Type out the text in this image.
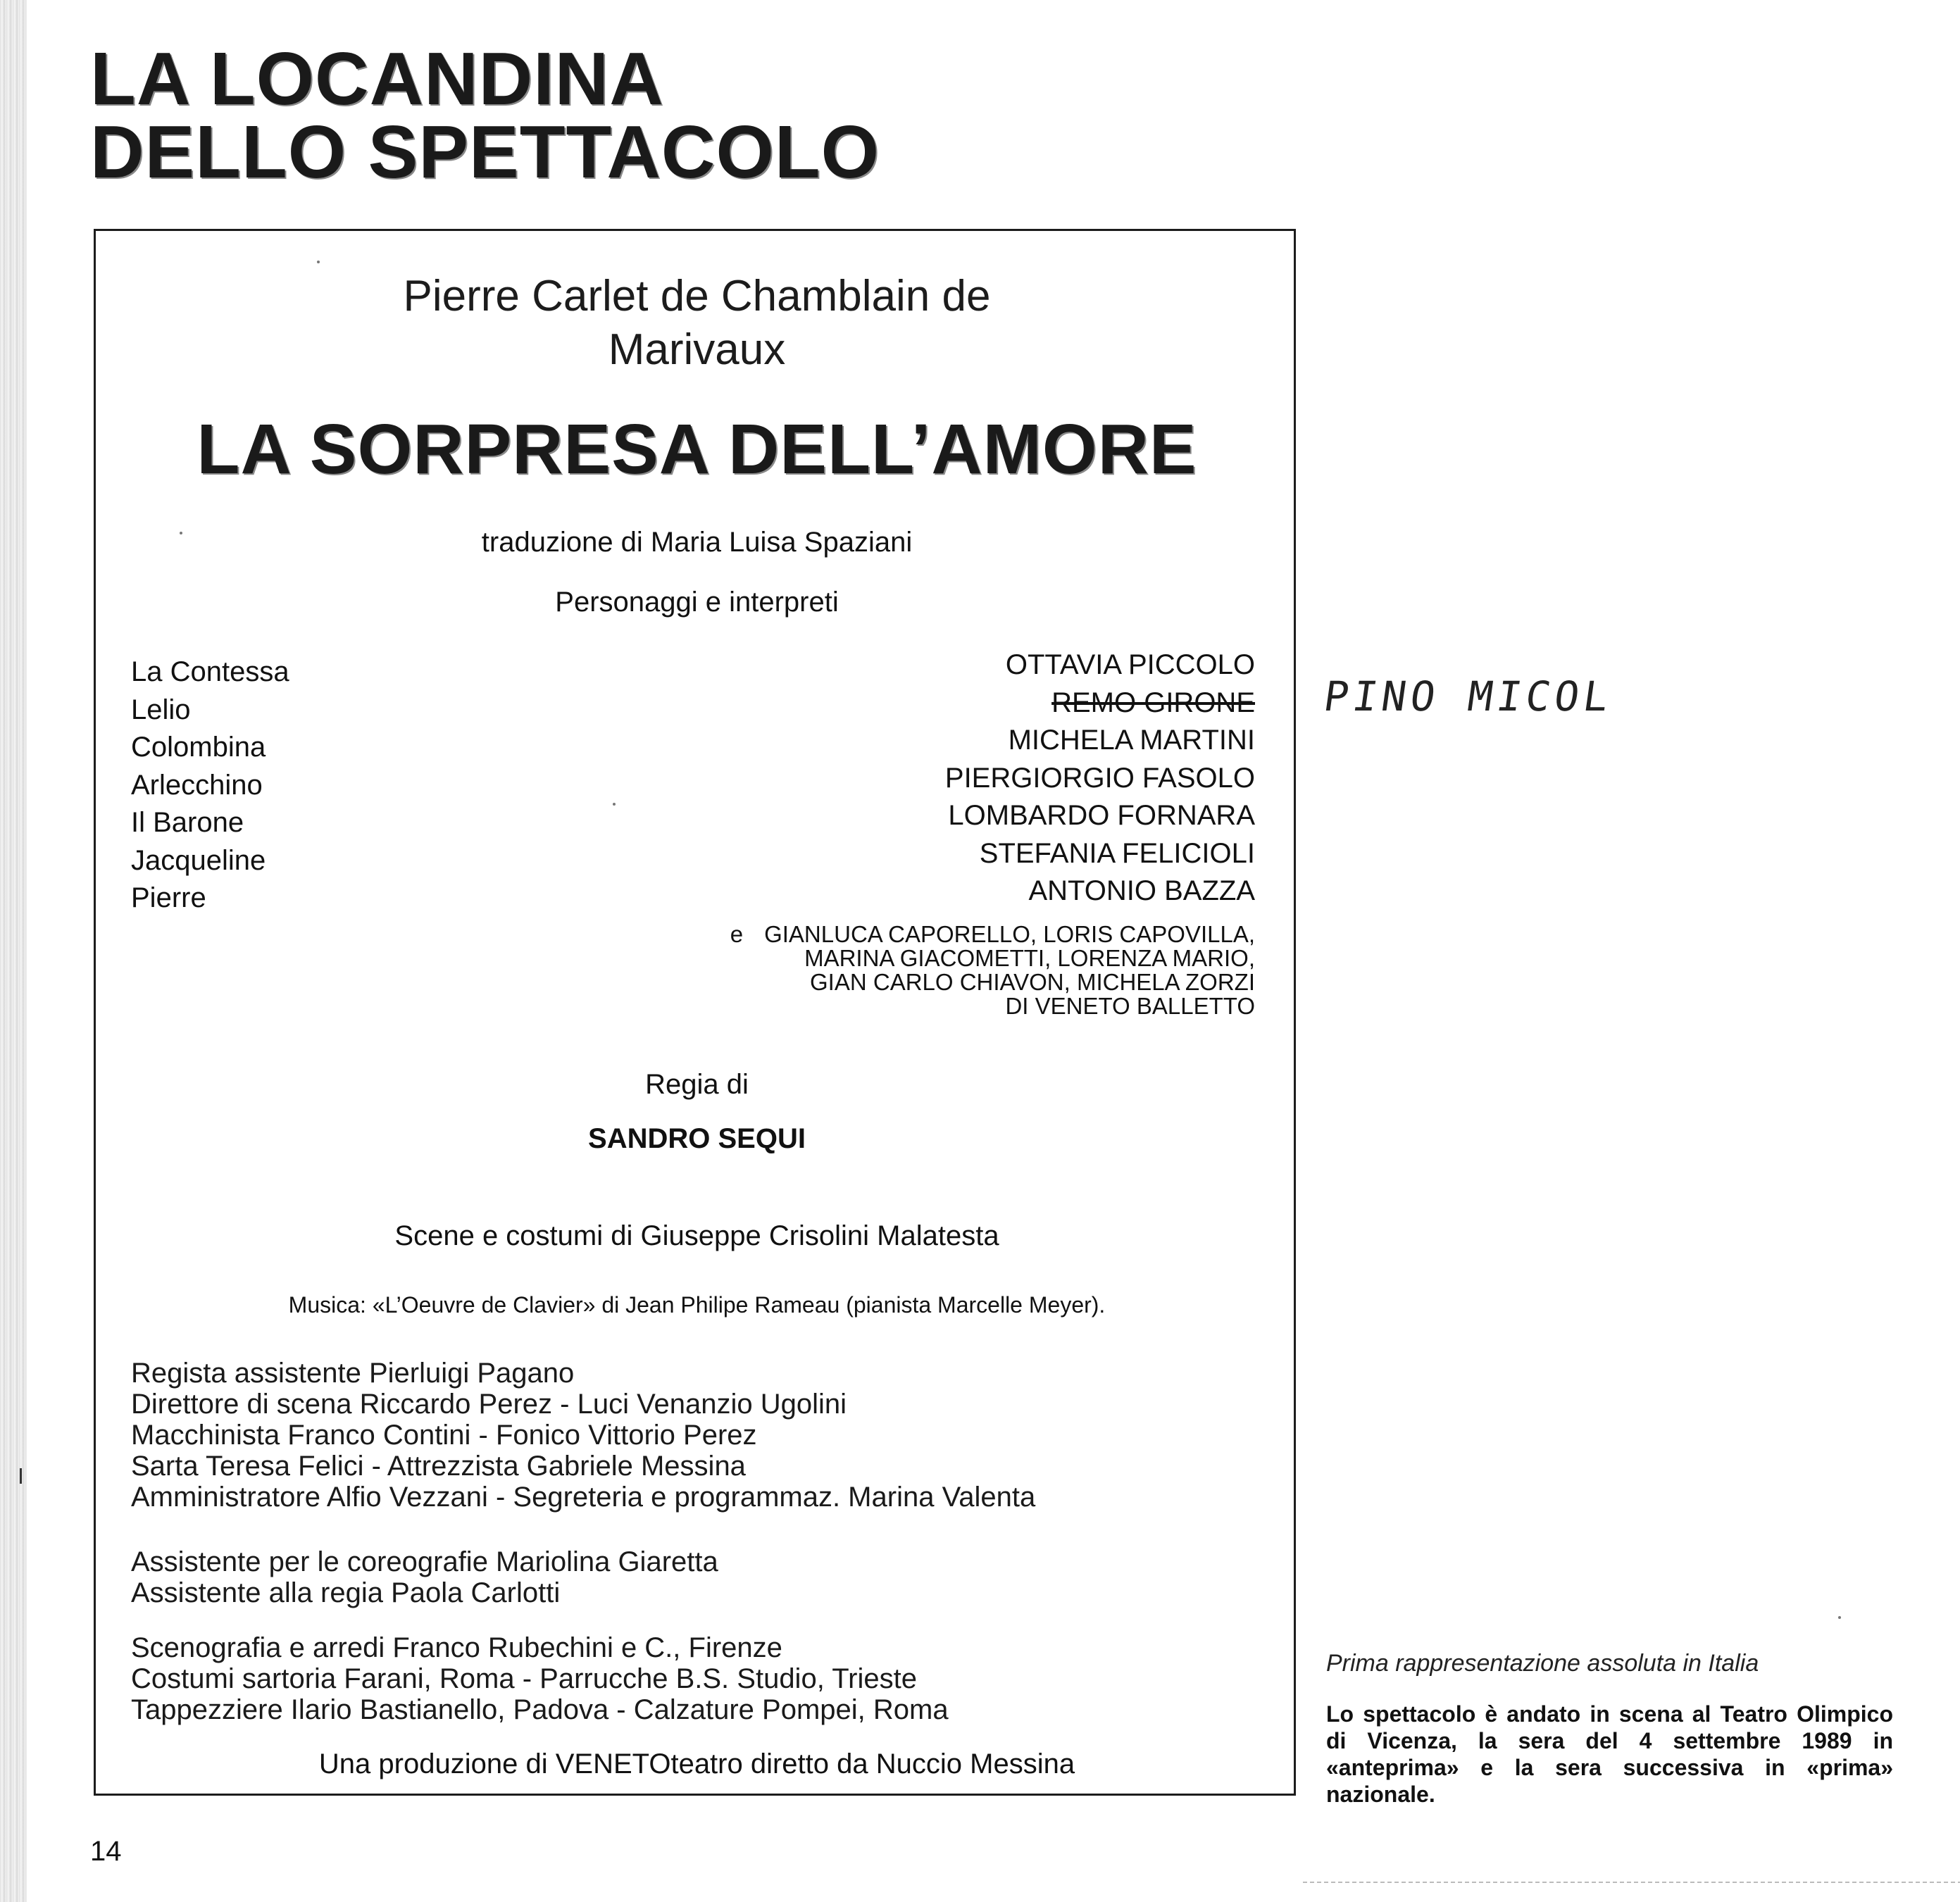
LA LOCANDINA
DELLO SPETTACOLO
Pierre Carlet de Chamblain de
Marivaux
LA SORPRESA DELL’AMORE
traduzione di Maria Luisa Spaziani
Personaggi e interpreti
La Contessa
Lelio
Colombina
Arlecchino
Il Barone
Jacqueline
Pierre
OTTAVIA PICCOLO
REMO GIRONE
MICHELA MARTINI
PIERGIORGIO FASOLO
LOMBARDO FORNARA
STEFANIA FELICIOLI
ANTONIO BAZZA
e GIANLUCA CAPORELLO, LORIS CAPOVILLA,
MARINA GIACOMETTI, LORENZA MARIO,
GIAN CARLO CHIAVON, MICHELA ZORZI
DI VENETO BALLETTO
Regia di
SANDRO SEQUI
Scene e costumi di Giuseppe Crisolini Malatesta
Musica: «L’Oeuvre de Clavier» di Jean Philipe Rameau (pianista Marcelle Meyer).
Regista assistente Pierluigi Pagano
Direttore di scena Riccardo Perez - Luci Venanzio Ugolini
Macchinista Franco Contini - Fonico Vittorio Perez
Sarta Teresa Felici - Attrezzista Gabriele Messina
Amministratore Alfio Vezzani - Segreteria e programmaz. Marina Valenta
Assistente per le coreografie Mariolina Giaretta
Assistente alla regia Paola Carlotti
Scenografia e arredi Franco Rubechini e C., Firenze
Costumi sartoria Farani, Roma - Parrucche B.S. Studio, Trieste
Tappezziere Ilario Bastianello, Padova - Calzature Pompei, Roma
Una produzione di VENETOteatro diretto da Nuccio Messina
PINO MICOL
Prima rappresentazione assoluta in Italia
Lo spettacolo è andato in scena al Teatro Olimpico di Vicenza, la sera del 4 settembre 1989 in «anteprima» e la sera successiva in «prima» nazionale.
14
